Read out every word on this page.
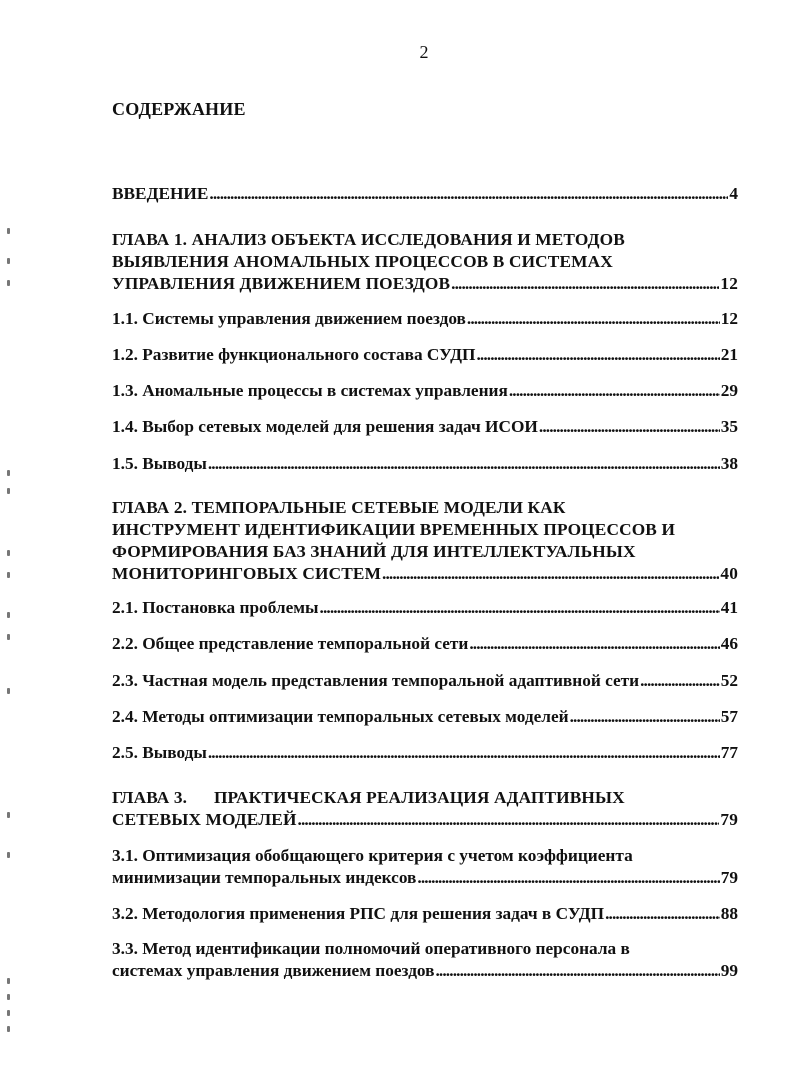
2
СОДЕРЖАНИЕ
ВВЕДЕНИЕ . . .	4
ГЛАВА 1. АНАЛИЗ ОБЪЕКТА ИССЛЕДОВАНИЯ И МЕТОДОВ
ВЫЯВЛЕНИЯ АНОМАЛЬНЫХ ПРОЦЕССОВ В СИСТЕМАХ
УПРАВЛЕНИЯ ДВИЖЕНИЕМ ПОЕЗДОВ . . .	12
1.1. Системы управления движением поездов . . .	12
1.2. Развитие функционального состава СУДП . . .	21
1.3. Аномальные процессы в системах управления . . .	29
1.4. Выбор сетевых моделей для решения задач ИСОИ . . .	35
1.5. Выводы . . .	38
ГЛАВА 2. ТЕМПОРАЛЬНЫЕ СЕТЕВЫЕ МОДЕЛИ КАК
ИНСТРУМЕНТ ИДЕНТИФИКАЦИИ ВРЕМЕННЫХ ПРОЦЕССОВ И
ФОРМИРОВАНИЯ БАЗ ЗНАНИЙ ДЛЯ ИНТЕЛЛЕКТУАЛЬНЫХ
МОНИТОРИНГОВЫХ СИСТЕМ . . .	40
2.1. Постановка проблемы . . .	41
2.2. Общее представление темпоральной сети . . .	46
2.3. Частная модель представления темпоральной адаптивной сети . . .	52
2.4. Методы оптимизации темпоральных сетевых моделей . . .	57
2.5. Выводы . . .	77
ГЛАВА 3.      ПРАКТИЧЕСКАЯ РЕАЛИЗАЦИЯ АДАПТИВНЫХ
СЕТЕВЫХ МОДЕЛЕЙ . . .	79
3.1. Оптимизация обобщающего критерия с учетом коэффициента
минимизации темпоральных индексов . . .	79
3.2. Методология применения РПС для решения задач в СУДП . . .	88
3.3. Метод идентификации полномочий оперативного персонала в
системах управления движением поездов . . .	99
